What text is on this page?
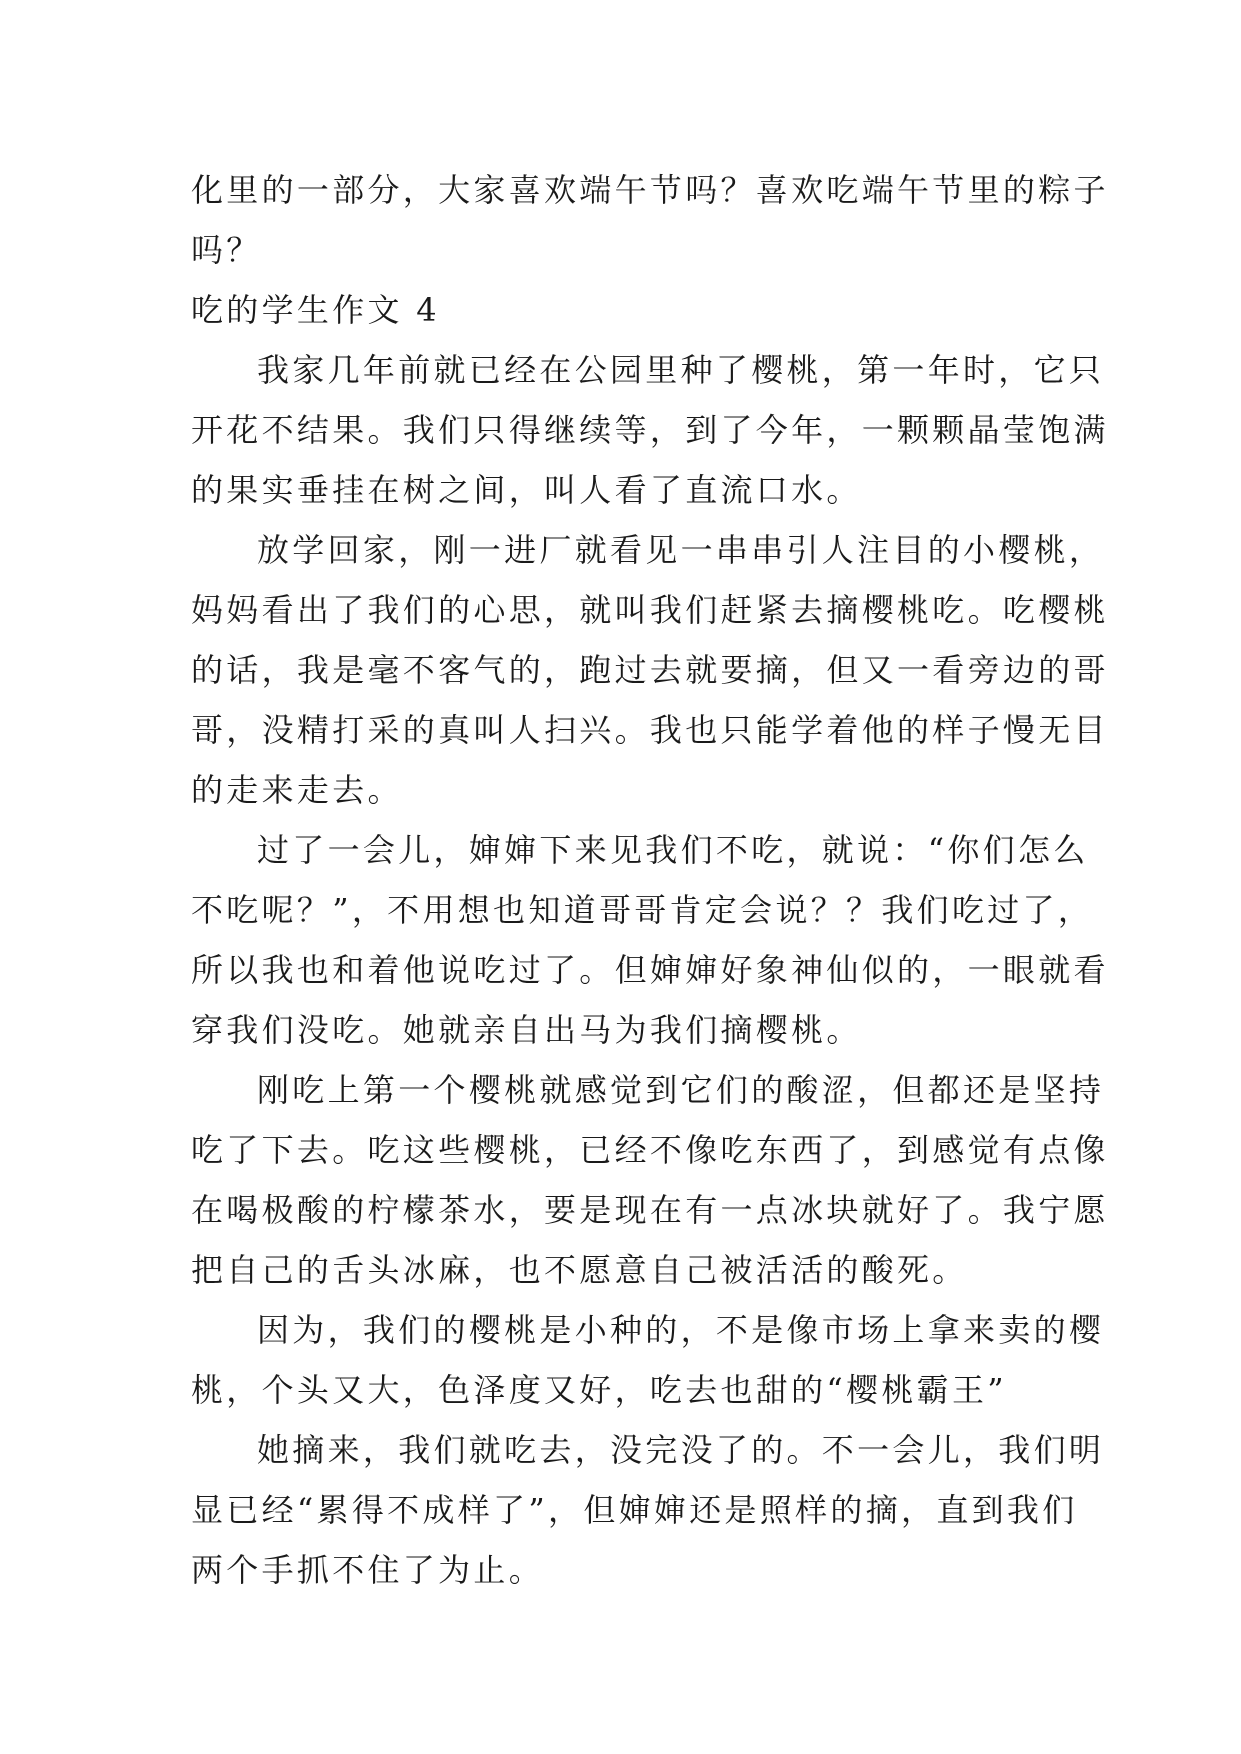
化里的一部分，大家喜欢端午节吗？喜欢吃端午节里的粽子
吗？
吃的学生作文 4
我家几年前就已经在公园里种了樱桃，第一年时，它只
开花不结果。我们只得继续等，到了今年，一颗颗晶莹饱满
的果实垂挂在树之间，叫人看了直流口水。
放学回家，刚一进厂就看见一串串引人注目的小樱桃，
妈妈看出了我们的心思，就叫我们赶紧去摘樱桃吃。吃樱桃
的话，我是毫不客气的，跑过去就要摘，但又一看旁边的哥
哥，没精打采的真叫人扫兴。我也只能学着他的样子慢无目
的走来走去。
过了一会儿，婶婶下来见我们不吃，就说：“你们怎么
不吃呢？”，不用想也知道哥哥肯定会说？？我们吃过了，
所以我也和着他说吃过了。但婶婶好象神仙似的，一眼就看
穿我们没吃。她就亲自出马为我们摘樱桃。
刚吃上第一个樱桃就感觉到它们的酸涩，但都还是坚持
吃了下去。吃这些樱桃，已经不像吃东西了，到感觉有点像
在喝极酸的柠檬茶水，要是现在有一点冰块就好了。我宁愿
把自己的舌头冰麻，也不愿意自己被活活的酸死。
因为，我们的樱桃是小种的，不是像市场上拿来卖的樱
桃，个头又大，色泽度又好，吃去也甜的“樱桃霸王”
她摘来，我们就吃去，没完没了的。不一会儿，我们明
显已经“累得不成样了”，但婶婶还是照样的摘，直到我们
两个手抓不住了为止。
